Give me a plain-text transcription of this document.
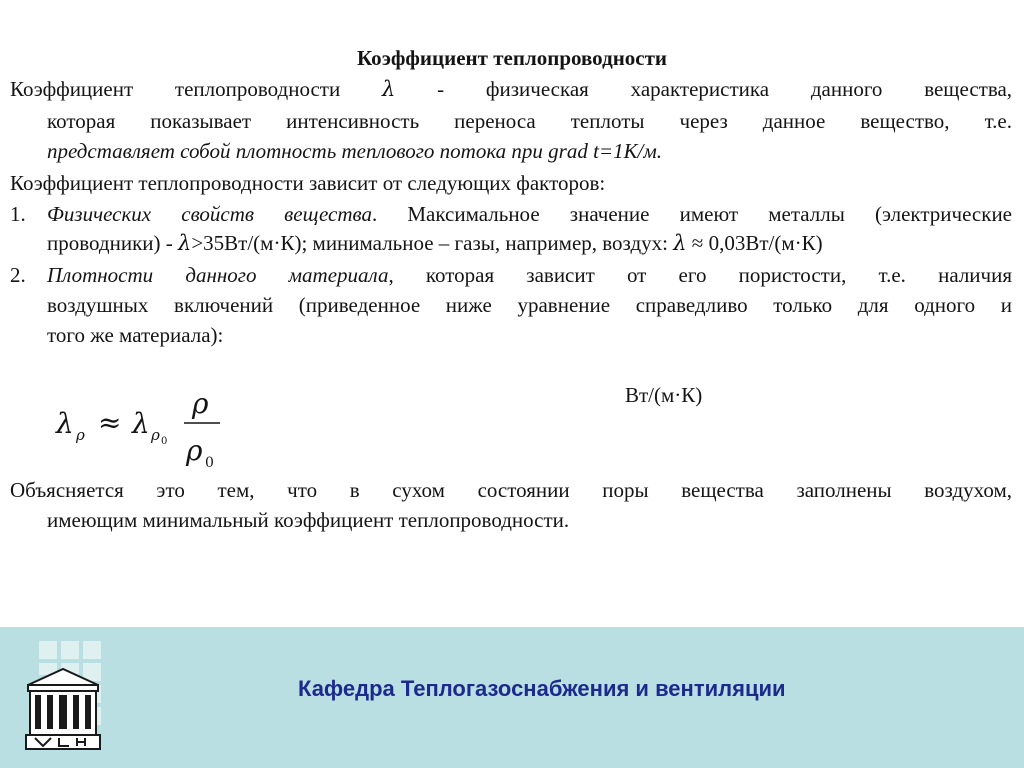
Коэффициент теплопроводности
Коэффициент теплопроводности λ - физическая характеристика данного вещества,
которая показывает интенсивность переноса теплоты через данное вещество, т.е.
представляет собой плотность теплового потока при grad t=1К/м.
Коэффициент теплопроводности зависит от следующих факторов:
1. Физических свойств вещества. Максимальное значение имеют металлы (электрические
проводники) - λ>35Вт/(м·К); минимальное – газы, например, воздух: λ ≈ 0,03Вт/(м·К)
2. Плотности данного материала, которая зависит от его пористости, т.е. наличия
воздушных включений (приведенное ниже уравнение справедливо только для одного и
того же материала):
λ ρ ≈ λ ρ 0
ρ
ρ 0
Вт/(м·К)
Объясняется это тем, что в сухом состоянии поры вещества заполнены воздухом,
имеющим минимальный коэффициент теплопроводности.
Кафедра Теплогазоснабжения и вентиляции
